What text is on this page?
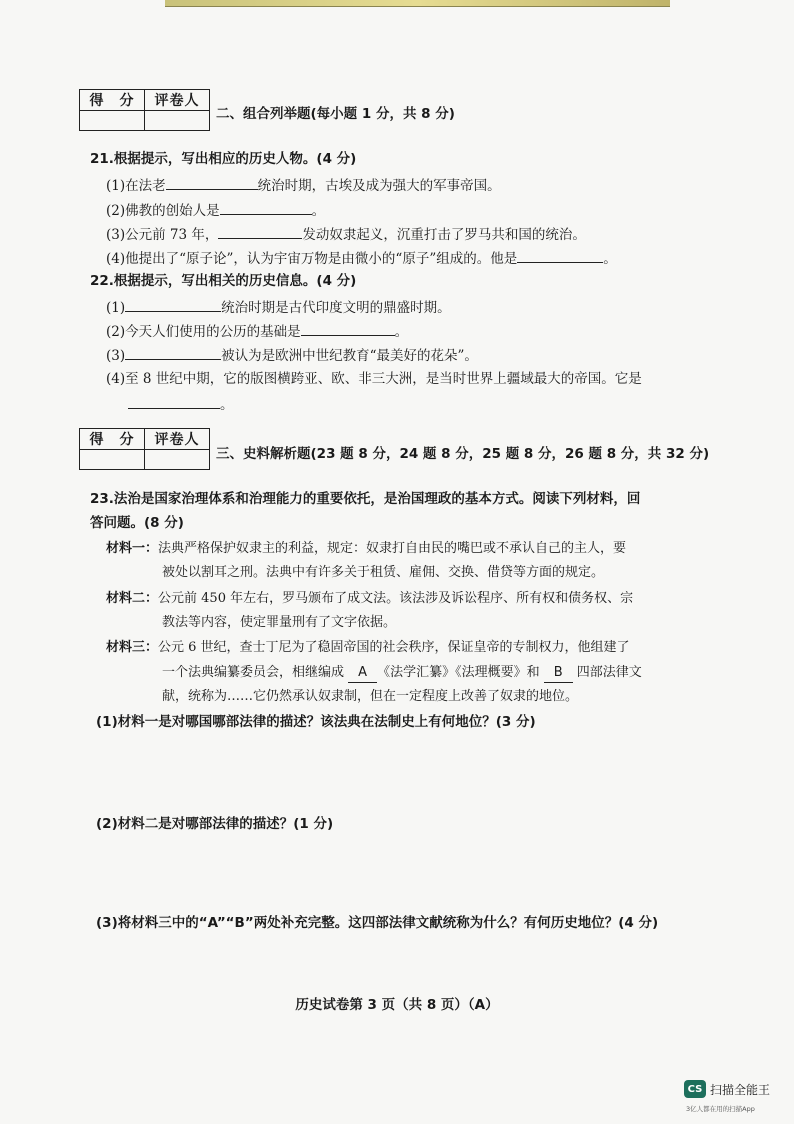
得　分	评卷人

二、组合列举题(每小题 1 分，共 8 分)
21.根据提示，写出相应的历史人物。(4 分)
(1)在法老	统治时期，古埃及成为强大的军事帝国。
(2)佛教的创始人是	。
(3)公元前 73 年，	发动奴隶起义，沉重打击了罗马共和国的统治。
(4)他提出了“原子论”，认为宇宙万物是由微小的“原子”组成的。他是	。
22.根据提示，写出相关的历史信息。(4 分)
(1)	统治时期是古代印度文明的鼎盛时期。
(2)今天人们使用的公历的基础是	。
(3)	被认为是欧洲中世纪教育“最美好的花朵”。
(4)至 8 世纪中期，它的版图横跨亚、欧、非三大洲，是当时世界上疆域最大的帝国。它是
。
得　分	评卷人

三、史料解析题(23 题 8 分，24 题 8 分，25 题 8 分，26 题 8 分，共 32 分)
23.法治是国家治理体系和治理能力的重要依托，是治国理政的基本方式。阅读下列材料，回
答问题。(8 分)
材料一：法典严格保护奴隶主的利益，规定：奴隶打自由民的嘴巴或不承认自己的主人，要
被处以割耳之刑。法典中有许多关于租赁、雇佣、交换、借贷等方面的规定。
材料二：公元前 450 年左右，罗马颁布了成文法。该法涉及诉讼程序、所有权和债务权、宗
教法等内容，使定罪量刑有了文字依据。
材料三：公元 6 世纪，查士丁尼为了稳固帝国的社会秩序，保证皇帝的专制权力，他组建了
一个法典编纂委员会，相继编成 A 《法学汇纂》《法理概要》和 B 四部法律文
献，统称为……它仍然承认奴隶制，但在一定程度上改善了奴隶的地位。
(1)材料一是对哪国哪部法律的描述？该法典在法制史上有何地位？(3 分)
(2)材料二是对哪部法律的描述？(1 分)
(3)将材料三中的“A”“B”两处补充完整。这四部法律文献统称为什么？有何历史地位？(4 分)
历史试卷第 3 页（共 8 页）（A）
CS 扫描全能王
3亿人都在用的扫描App
